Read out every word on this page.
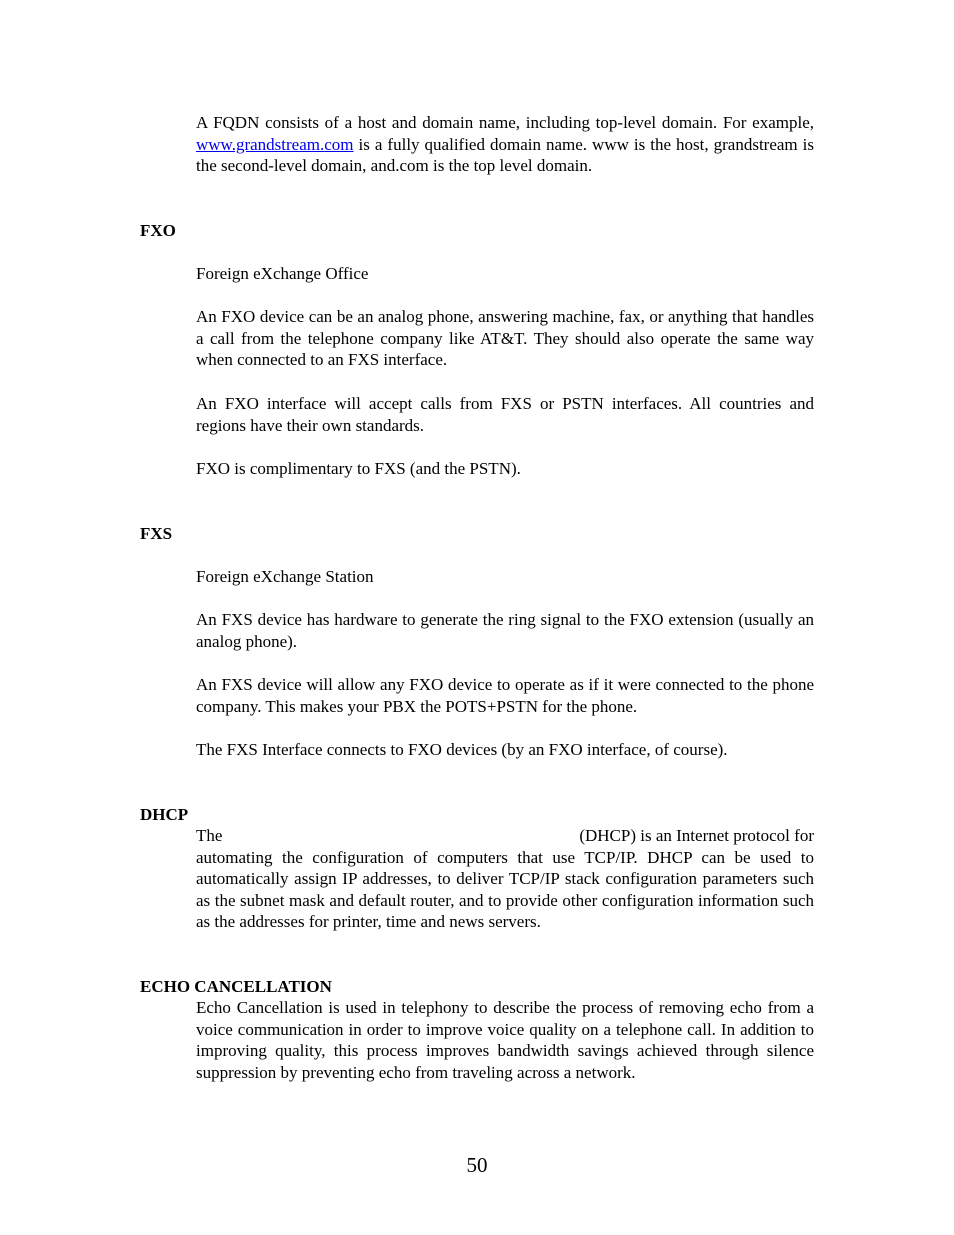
A FQDN consists of a host and domain name, including top-level domain. For example, www.grandstream.com is a fully qualified domain name. www is the host, grandstream is the second-level domain, and.com is the top level domain.
FXO
Foreign eXchange Office
An FXO device can be an analog phone, answering machine, fax, or anything that handles a call from the telephone company like AT&T. They should also operate the same way when connected to an FXS interface.
An FXO interface will accept calls from FXS or PSTN interfaces. All countries and regions have their own standards.
FXO is complimentary to FXS (and the PSTN).
FXS
Foreign eXchange Station
An FXS device has hardware to generate the ring signal to the FXO extension (usually an analog phone).
An FXS device will allow any FXO device to operate as if it were connected to the phone company. This makes your PBX the POTS+PSTN for the phone.
The FXS Interface connects to FXO devices (by an FXO interface, of course).
DHCP
The	(DHCP) is an Internet protocol for
automating the configuration of computers that use TCP/IP. DHCP can be used to automatically assign IP addresses, to deliver TCP/IP stack configuration parameters such as the subnet mask and default router, and to provide other configuration information such as the addresses for printer, time and news servers.
ECHO CANCELLATION
Echo Cancellation is used in telephony to describe the process of removing echo from a voice communication in order to improve voice quality on a telephone call. In addition to improving quality, this process improves bandwidth savings achieved through silence suppression by preventing echo from traveling across a network.
50
